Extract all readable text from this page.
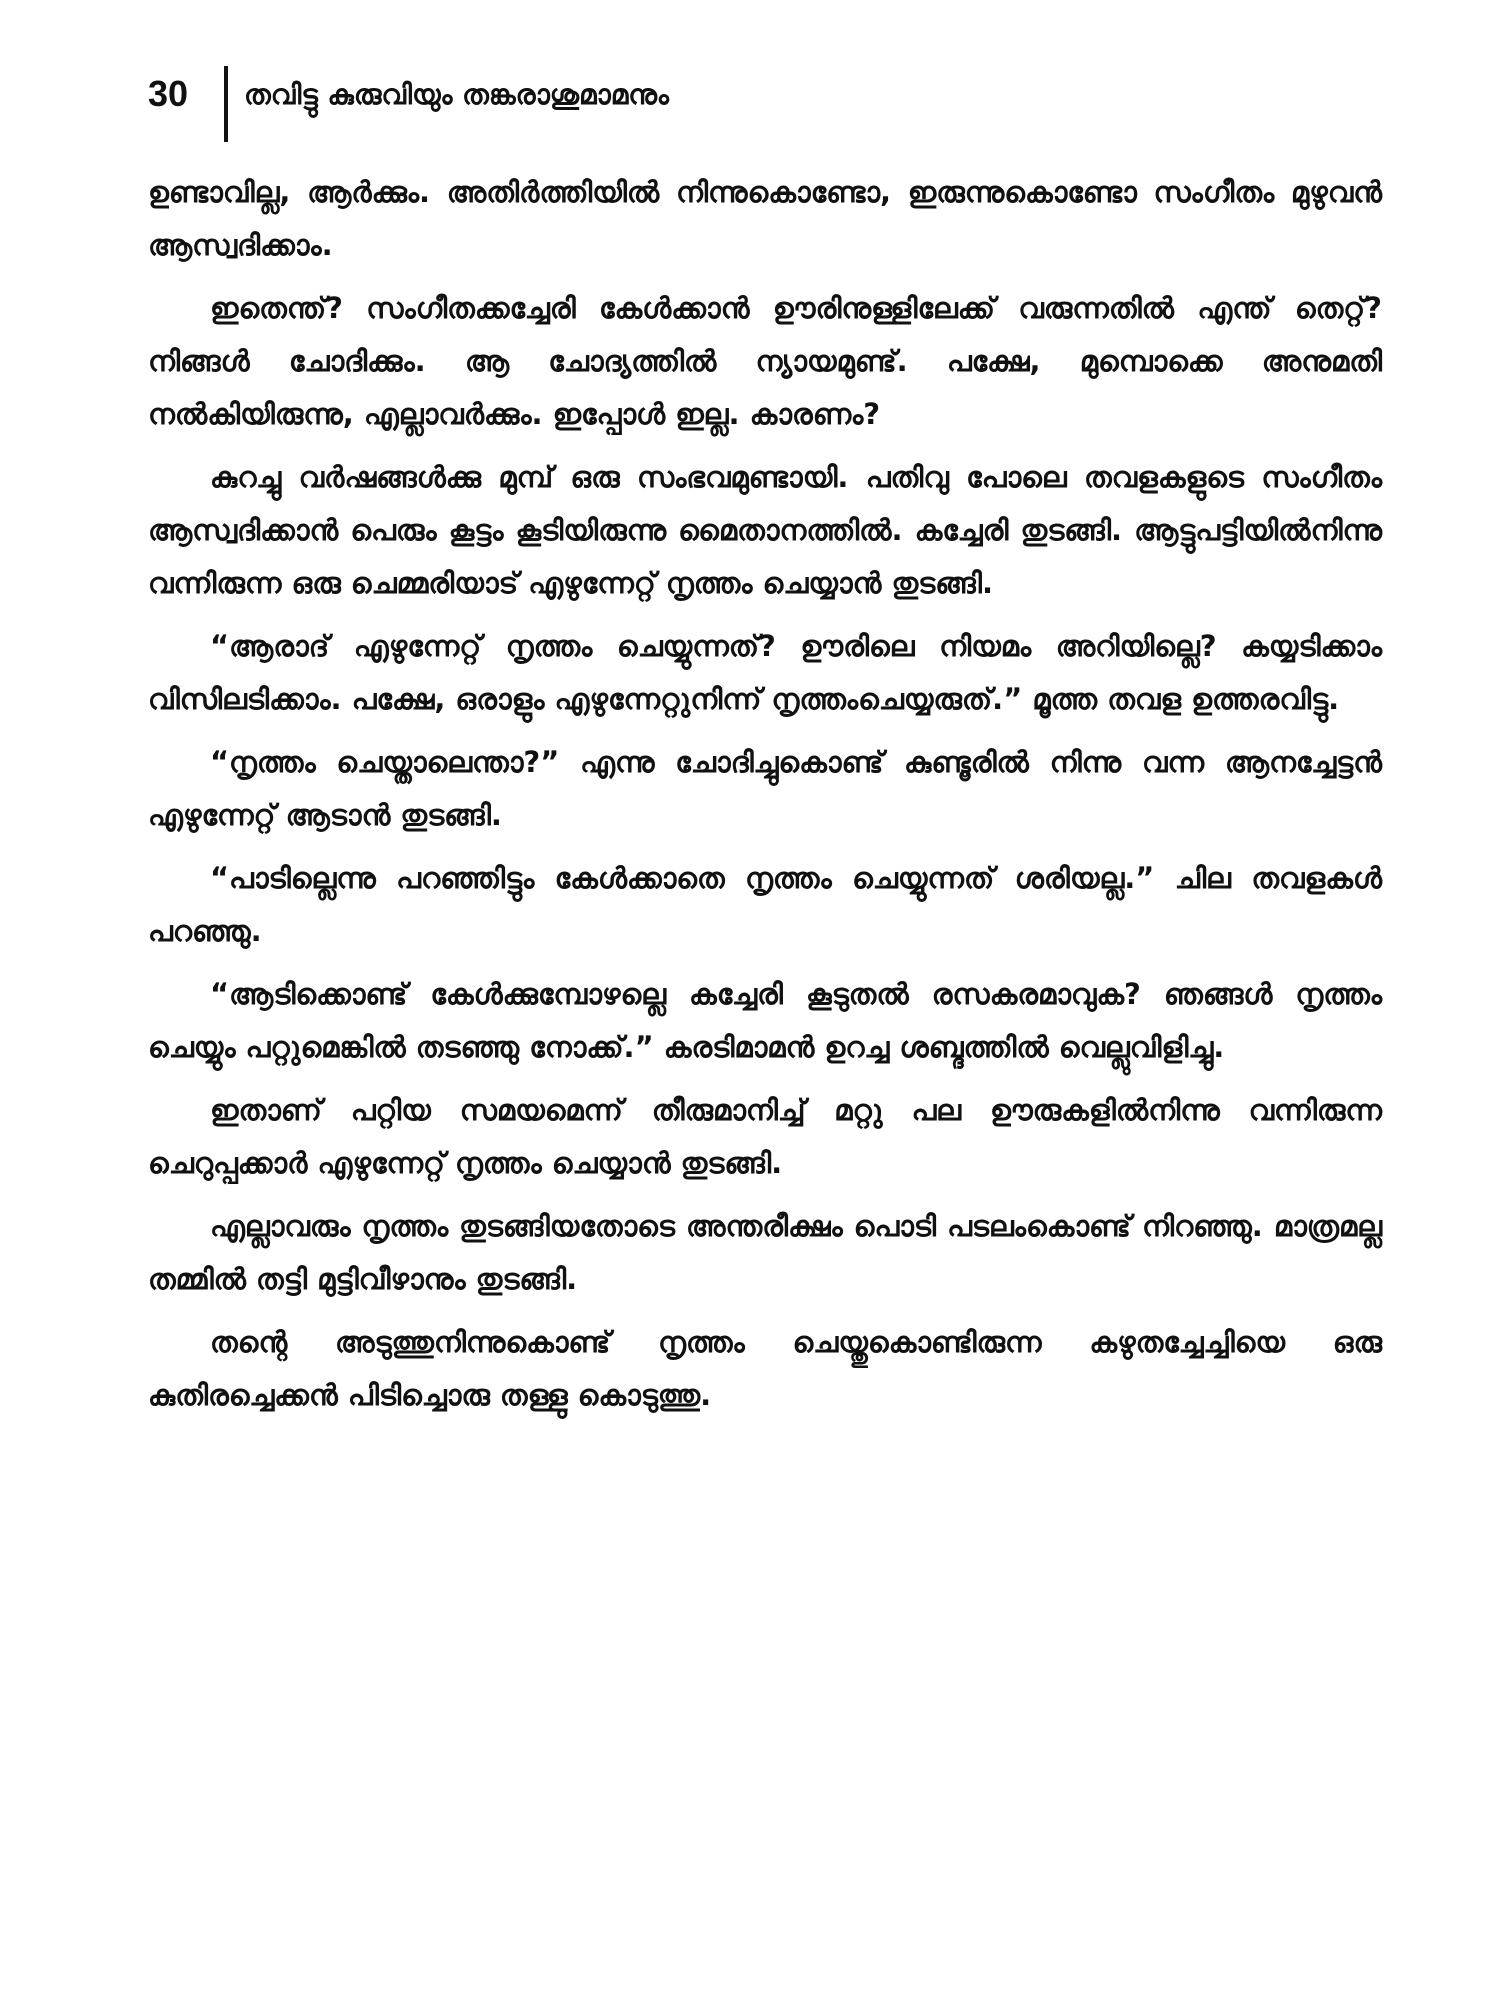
30 തവിട്ടു കുരുവിയും തങ്കരാശുമാമനും

ഉണ്ടാവില്ല, ആർക്കും. അതിർത്തിയിൽ നിന്നുകൊണ്ടോ, ഇരുന്നുകൊണ്ടോ സംഗീതം മുഴുവൻ ആസ്വദിക്കാം.

ഇതെന്ത്? സംഗീതക്കച്ചേരി കേൾക്കാൻ ഊരിനുള്ളിലേക്ക് വരുന്നതിൽ എന്ത് തെറ്റ്? നിങ്ങൾ ചോദിക്കും. ആ ചോദ്യത്തിൽ ന്യായമുണ്ട്. പക്ഷേ, മുമ്പൊക്കെ അനുമതി നൽകിയിരുന്നു, എല്ലാവർക്കും. ഇപ്പോൾ ഇല്ല. കാരണം?

കുറച്ചു വർഷങ്ങൾക്കു മുമ്പ് ഒരു സംഭവമുണ്ടായി. പതിവു പോലെ തവളകളുടെ സംഗീതം ആസ്വദിക്കാൻ പെരും കൂട്ടം കൂടിയിരുന്നു മൈതാനത്തിൽ. കച്ചേരി തുടങ്ങി. ആട്ടുപട്ടിയിൽനിന്നു വന്നിരുന്ന ഒരു ചെമ്മരിയാട് എഴുന്നേറ്റ് നൃത്തം ചെയ്യാൻ തുടങ്ങി.

“ആരാദ് എഴുന്നേറ്റ് നൃത്തം ചെയ്യുന്നത്? ഊരിലെ നിയമം അറിയില്ലെ? കയ്യടിക്കാം വിസിലടിക്കാം. പക്ഷേ, ഒരാളും എഴുന്നേറ്റുനിന്ന് നൃത്തംചെയ്യരുത്.” മൂത്ത തവള ഉത്തരവിട്ടു.

“നൃത്തം ചെയ്താലെന്താ?” എന്നു ചോദിച്ചുകൊണ്ട് കുണ്ടൂരിൽ നിന്നു വന്ന ആനച്ചേട്ടൻ എഴുന്നേറ്റ് ആടാൻ തുടങ്ങി.

“പാടില്ലെന്നു പറഞ്ഞിട്ടും കേൾക്കാതെ നൃത്തം ചെയ്യുന്നത് ശരിയല്ല.” ചില തവളകൾ പറഞ്ഞു.

“ആടിക്കൊണ്ട് കേൾക്കുമ്പോഴല്ലെ കച്ചേരി കൂടുതൽ രസകരമാവുക? ഞങ്ങൾ നൃത്തം ചെയ്യും പറ്റുമെങ്കിൽ തടഞ്ഞു നോക്ക്.” കരടിമാമൻ ഉറച്ച ശബ്ദത്തിൽ വെല്ലുവിളിച്ചു.

ഇതാണ് പറ്റിയ സമയമെന്ന് തീരുമാനിച്ച് മറ്റു പല ഊരുകളിൽനിന്നു വന്നിരുന്ന ചെറുപ്പക്കാർ എഴുന്നേറ്റ് നൃത്തം ചെയ്യാൻ തുടങ്ങി.

എല്ലാവരും നൃത്തം തുടങ്ങിയതോടെ അന്തരീക്ഷം പൊടി പടലംകൊണ്ട് നിറഞ്ഞു. മാത്രമല്ല തമ്മിൽ തട്ടി മുട്ടിവീഴാനും തുടങ്ങി.

തന്റെ അടുത്തുനിന്നുകൊണ്ട് നൃത്തം ചെയ്തുകൊണ്ടിരുന്ന കഴുതച്ചേച്ചിയെ ഒരു കുതിരച്ചെക്കൻ പിടിച്ചൊരു തള്ളു കൊടുത്തു.
